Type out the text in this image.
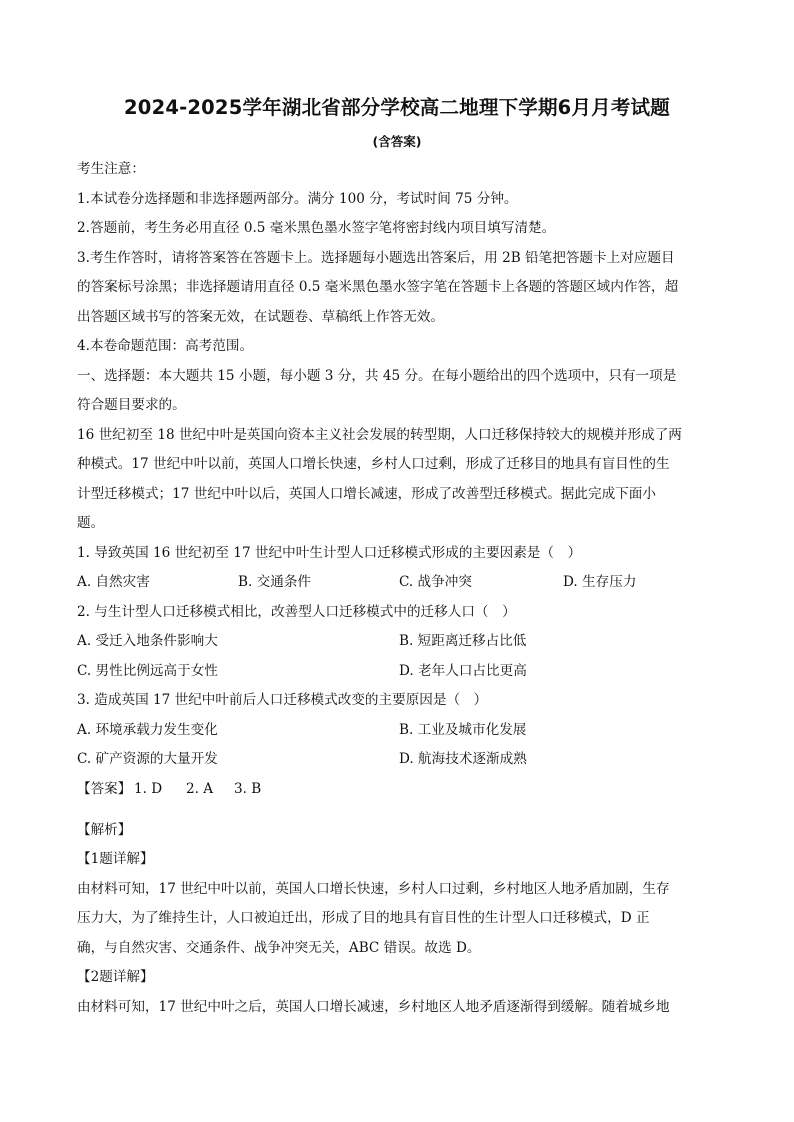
2024-2025学年湖北省部分学校高二地理下学期6月月考试题
(含答案)
考生注意：
1.本试卷分选择题和非选择题两部分。满分 100 分，考试时间 75 分钟。
2.答题前，考生务必用直径 0.5 毫米黑色墨水签字笔将密封线内项目填写清楚。
3.考生作答时，请将答案答在答题卡上。选择题每小题选出答案后，用 2B 铅笔把答题卡上对应题目
的答案标号涂黑；非选择题请用直径 0.5 毫米黑色墨水签字笔在答题卡上各题的答题区域内作答，超
出答题区域书写的答案无效，在试题卷、草稿纸上作答无效。
4.本卷命题范围：高考范围。
一、选择题：本大题共 15 小题，每小题 3 分，共 45 分。在每小题给出的四个选项中，只有一项是
符合题目要求的。
16 世纪初至 18 世纪中叶是英国向资本主义社会发展的转型期，人口迁移保持较大的规模并形成了两
种模式。17 世纪中叶以前，英国人口增长快速，乡村人口过剩，形成了迁移目的地具有盲目性的生
计型迁移模式；17 世纪中叶以后，英国人口增长减速，形成了改善型迁移模式。据此完成下面小
题。
1. 导致英国 16 世纪初至 17 世纪中叶生计型人口迁移模式形成的主要因素是（　）
A. 自然灾害	B. 交通条件	C. 战争冲突	D. 生存压力
2. 与生计型人口迁移模式相比，改善型人口迁移模式中的迁移人口（　）
A. 受迁入地条件影响大	B. 短距离迁移占比低
C. 男性比例远高于女性	D. 老年人口占比更高
3. 造成英国 17 世纪中叶前后人口迁移模式改变的主要原因是（　）
A. 环境承载力发生变化	B. 工业及城市化发展
C. 矿产资源的大量开发	D. 航海技术逐渐成熟
【答案】 1. D 2. A 3. B
【解析】
【1题详解】
由材料可知，17 世纪中叶以前，英国人口增长快速，乡村人口过剩，乡村地区人地矛盾加剧，生存
压力大，为了维持生计，人口被迫迁出，形成了目的地具有盲目性的生计型人口迁移模式，D 正
确，与自然灾害、交通条件、战争冲突无关，ABC 错误。故选 D。
【2题详解】
由材料可知，17 世纪中叶之后，英国人口增长减速，乡村地区人地矛盾逐渐得到缓解。随着城乡地
